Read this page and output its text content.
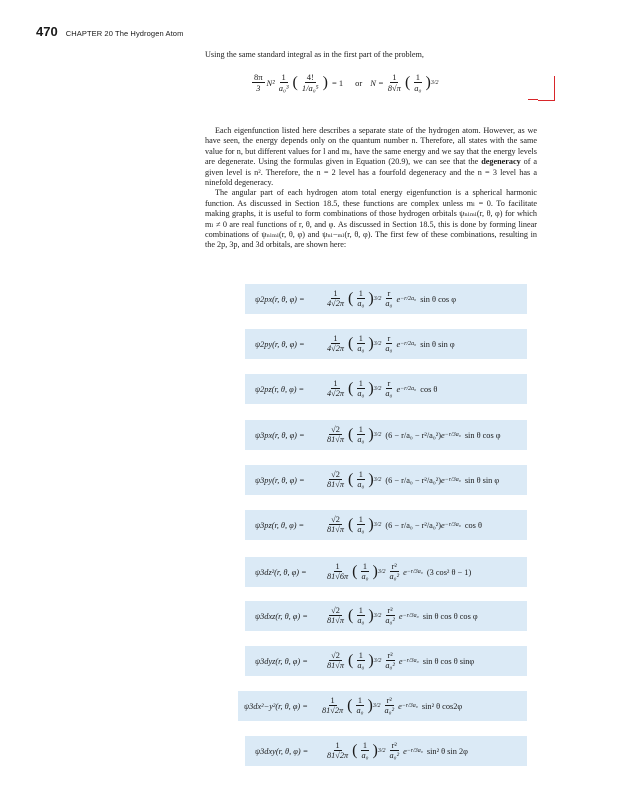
470 CHAPTER 20 The Hydrogen Atom

Using the same standard integral as in the first part of the problem,

$\frac{8\pi}{3} N^2 \frac{1}{\text{a₀³}}$ ( $\frac{4!}{\text{1/a₀⁵}}$ ) = 1 or $N = \frac{1}{8√\pi}$ ( $\frac{1}{\text{a₀}}$ ) 3/2

Each eigenfunction listed here describes a separate state of the hydrogen atom. However, as we have seen, the energy depends only on the quantum number n. Therefore, all states with the same value for n, but different values for l and mₗ, have the same energy and we say that the energy levels are degenerate. Using the formulas given in Equation (20.9), we can see that the degeneracy of a given level is n². Therefore, the n = 2 level has a fourfold degeneracy and the n = 3 level has a ninefold degeneracy.

The angular part of each hydrogen atom total energy eigenfunction is a spherical harmonic function. As discussed in Section 18.5, these functions are complex unless mₗ = 0. To facilitate making graphs, it is useful to form combinations of those hydrogen orbitals ψₙₗₘₗ(r, θ, φ) for which mₗ ≠ 0 are real functions of r, θ, and φ. As discussed in Section 18.5, this is done by forming linear combinations of ψₙₗₘₗ(r, θ, φ) and ψₙₗ−ₘₗ(r, θ, φ). The first few of these combinations, resulting in the 2p, 3p, and 3d orbitals, are shown here:

ψ2px(r, θ, φ) =	$\frac{1}{4√2\pi}$ ( $\frac{1}{\text{a₀}}$ ) $3/2 \frac{r}{\text{a₀}}$ e −r/2a₀ sin θ cos φ
ψ2py(r, θ, φ) =	$\frac{1}{4√2\pi}$ ( $\frac{1}{\text{a₀}}$ ) $3/2 \frac{r}{\text{a₀}}$ e −r/2a₀ sin θ sin φ
ψ2pz(r, θ, φ) =	$\frac{1}{4√2\pi}$ ( $\frac{1}{\text{a₀}}$ ) $3/2 \frac{r}{\text{a₀}}$ e −r/2a₀ cos θ
ψ3px(r, θ, φ) =	$\frac{√2}{81√\pi}$ ( $\frac{1}{\text{a₀}}$ ) 3/2 (6 − r/a₀ − r²/a₀²) e −r/3a₀ sin θ cos φ
ψ3py(r, θ, φ) =	$\frac{√2}{81√\pi}$ ( $\frac{1}{\text{a₀}}$ ) 3/2 (6 − r/a₀ − r²/a₀²) e −r/3a₀ sin θ sin φ
ψ3pz(r, θ, φ) =	$\frac{√2}{81√\pi}$ ( $\frac{1}{\text{a₀}}$ ) 3/2 (6 − r/a₀ − r²/a₀²) e −r/3a₀ cos θ
ψ3dz²(r, θ, φ) =	$\frac{1}{81√6\pi}$ ( $\frac{1}{\text{a₀}}$ ) $3/2 \frac{\text{r²}}{\text{a₀²}}$ e −r/3a₀ (3 cos² θ − 1)
ψ3dxz(r, θ, φ) =	$\frac{√2}{81√\pi}$ ( $\frac{1}{\text{a₀}}$ ) $3/2 \frac{\text{r²}}{\text{a₀²}}$ e −r/3a₀ sin θ cos θ cos φ
ψ3dyz(r, θ, φ) =	$\frac{√2}{81√\pi}$ ( $\frac{1}{\text{a₀}}$ ) $3/2 \frac{\text{r²}}{\text{a₀²}}$ e −r/3a₀ sin θ cos θ sinφ
ψ3dx²−y²(r, θ, φ) =	$\frac{1}{81√2\pi}$ ( $\frac{1}{\text{a₀}}$ ) $3/2 \frac{\text{r²}}{\text{a₀²}}$ e −r/3a₀ sin² θ cos2φ
ψ3dxy(r, θ, φ) =	$\frac{1}{81√2\pi}$ ( $\frac{1}{\text{a₀}}$ ) $3/2 \frac{\text{r²}}{\text{a₀²}}$ e −r/3a₀ sin² θ sin 2φ
